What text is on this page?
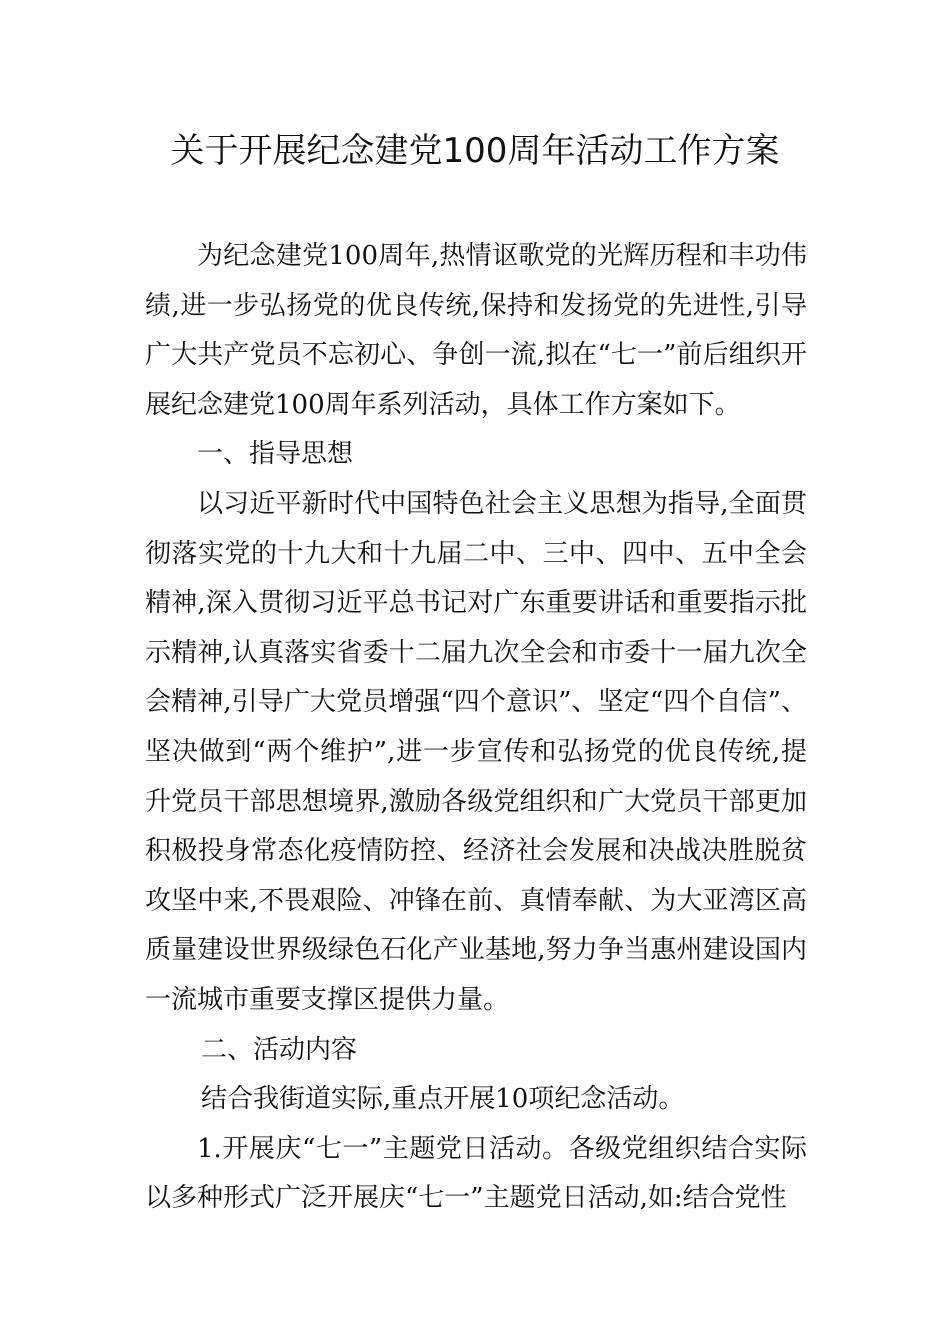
关于开展纪念建党100周年活动工作方案

为纪念建党100周年,热情讴歌党的光辉历程和丰功伟绩,进一步弘扬党的优良传统,保持和发扬党的先进性,引导广大共产党员不忘初心、争创一流,拟在“七一”前后组织开展纪念建党100周年系列活动，具体工作方案如下。

一、指导思想

以习近平新时代中国特色社会主义思想为指导,全面贯彻落实党的十九大和十九届二中、三中、四中、五中全会精神,深入贯彻习近平总书记对广东重要讲话和重要指示批示精神,认真落实省委十二届九次全会和市委十一届九次全会精神,引导广大党员增强“四个意识”、坚定“四个自信”、坚决做到“两个维护”,进一步宣传和弘扬党的优良传统,提升党员干部思想境界,激励各级党组织和广大党员干部更加积极投身常态化疫情防控、经济社会发展和决战决胜脱贫攻坚中来,不畏艰险、冲锋在前、真情奉献、为大亚湾区高质量建设世界级绿色石化产业基地,努力争当惠州建设国内一流城市重要支撑区提供力量。

二、活动内容

结合我街道实际,重点开展10项纪念活动。

1.开展庆“七一”主题党日活动。各级党组织结合实际以多种形式广泛开展庆“七一”主题党日活动,如:结合党性
